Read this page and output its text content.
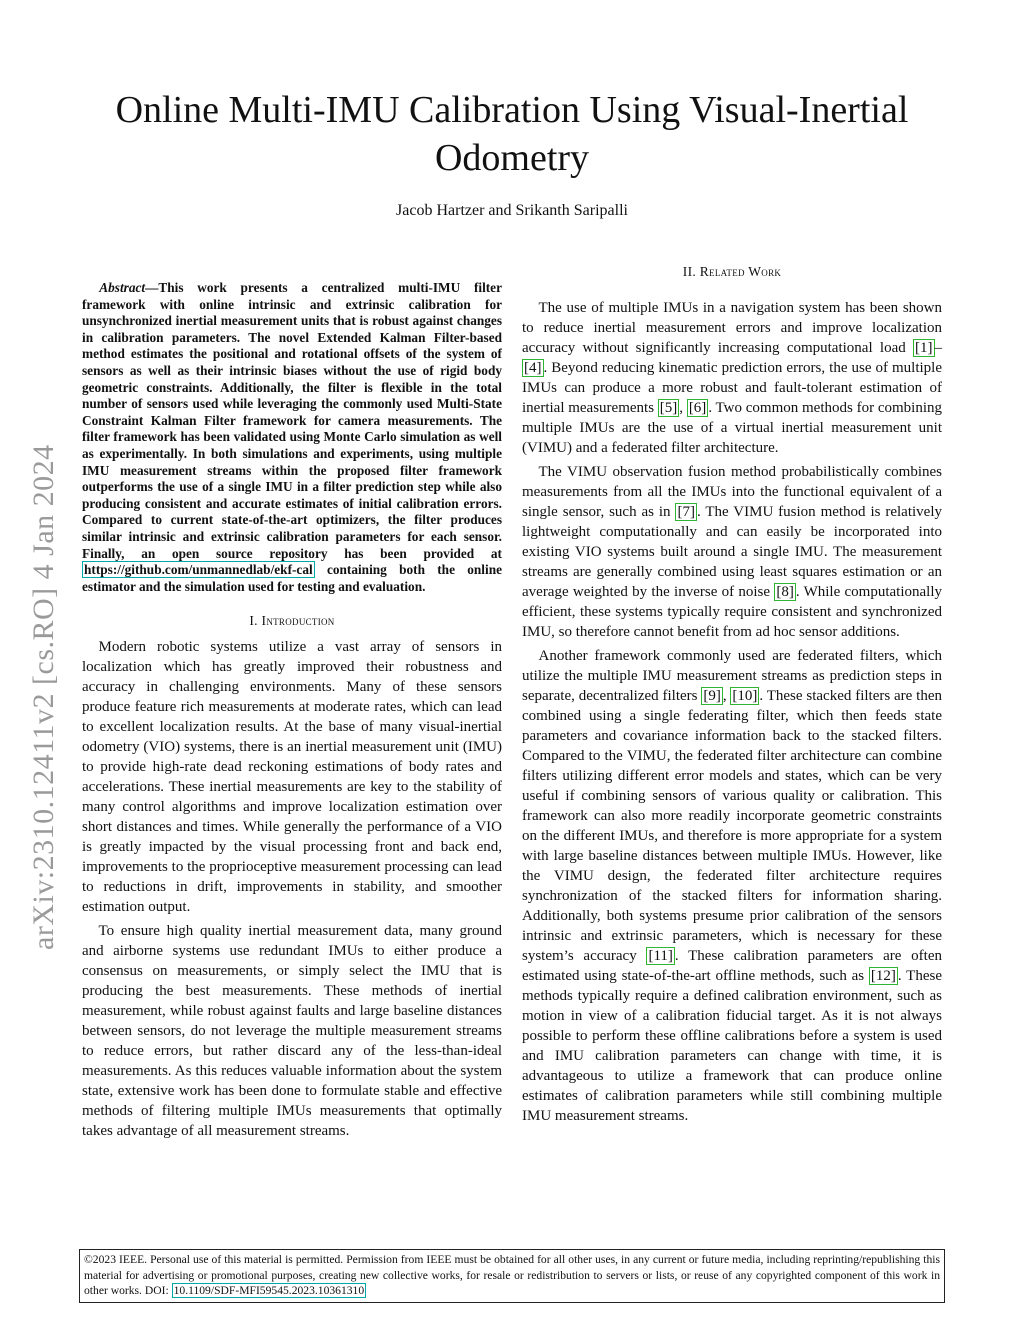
arXiv:2310.12411v2 [cs.RO] 4 Jan 2024
Online Multi-IMU Calibration Using Visual-Inertial Odometry
Jacob Hartzer and Srikanth Saripalli

Abstract—This work presents a centralized multi-IMU filter framework with online intrinsic and extrinsic calibration for unsynchronized inertial measurement units that is robust against changes in calibration parameters. The novel Extended Kalman Filter-based method estimates the positional and rotational offsets of the system of sensors as well as their intrinsic biases without the use of rigid body geometric constraints. Additionally, the filter is flexible in the total number of sensors used while leveraging the commonly used Multi-State Constraint Kalman Filter framework for camera measurements. The filter framework has been validated using Monte Carlo simulation as well as experimentally. In both simulations and experiments, using multiple IMU measurement streams within the proposed filter framework outperforms the use of a single IMU in a filter prediction step while also producing consistent and accurate estimates of initial calibration errors. Compared to current state-of-the-art optimizers, the filter produces similar intrinsic and extrinsic calibration parameters for each sensor. Finally, an open source repository has been provided at https://github.com/unmannedlab/ekf-cal containing both the online estimator and the simulation used for testing and evaluation.

I. Introduction

Modern robotic systems utilize a vast array of sensors in localization which has greatly improved their robustness and accuracy in challenging environments. Many of these sensors produce feature rich measurements at moderate rates, which can lead to excellent localization results. At the base of many visual-inertial odometry (VIO) systems, there is an inertial measurement unit (IMU) to provide high-rate dead reckoning estimations of body rates and accelerations. These inertial measurements are key to the stability of many control algorithms and improve localization estimation over short distances and times. While generally the performance of a VIO is greatly impacted by the visual processing front and back end, improvements to the proprioceptive measurement processing can lead to reductions in drift, improvements in stability, and smoother estimation output.

To ensure high quality inertial measurement data, many ground and airborne systems use redundant IMUs to either produce a consensus on measurements, or simply select the IMU that is producing the best measurements. These methods of inertial measurement, while robust against faults and large baseline distances between sensors, do not leverage the multiple measurement streams to reduce errors, but rather discard any of the less-than-ideal measurements. As this reduces valuable information about the system state, extensive work has been done to formulate stable and effective methods of filtering multiple IMUs measurements that optimally takes advantage of all measurement streams.

II. Related Work

The use of multiple IMUs in a navigation system has been shown to reduce inertial measurement errors and improve localization accuracy without significantly increasing computational load [1] –[4] . Beyond reducing kinematic prediction errors, the use of multiple IMUs can produce a more robust and fault-tolerant estimation of inertial measurements [5] , [6] . Two common methods for combining multiple IMUs are the use of a virtual inertial measurement unit (VIMU) and a federated filter architecture.

The VIMU observation fusion method probabilistically combines measurements from all the IMUs into the functional equivalent of a single sensor, such as in [7] . The VIMU fusion method is relatively lightweight computationally and can easily be incorporated into existing VIO systems built around a single IMU. The measurement streams are generally combined using least squares estimation or an average weighted by the inverse of noise [8] . While computationally efficient, these systems typically require consistent and synchronized IMU, so therefore cannot benefit from ad hoc sensor additions.

Another framework commonly used are federated filters, which utilize the multiple IMU measurement streams as prediction steps in separate, decentralized filters [9] , [10] . These stacked filters are then combined using a single federating filter, which then feeds state parameters and covariance information back to the stacked filters. Compared to the VIMU, the federated filter architecture can combine filters utilizing different error models and states, which can be very useful if combining sensors of various quality or calibration. This framework can also more readily incorporate geometric constraints on the different IMUs, and therefore is more appropriate for a system with large baseline distances between multiple IMUs. However, like the VIMU design, the federated filter architecture requires synchronization of the stacked filters for information sharing. Additionally, both systems presume prior calibration of the sensors intrinsic and extrinsic parameters, which is necessary for these system’s accuracy [11] . These calibration parameters are often estimated using state-of-the-art offline methods, such as [12] . These methods typically require a defined calibration environment, such as motion in view of a calibration fiducial target. As it is not always possible to perform these offline calibrations before a system is used and IMU calibration parameters can change with time, it is advantageous to utilize a framework that can produce online estimates of calibration parameters while still combining multiple IMU measurement streams.

©2023 IEEE. Personal use of this material is permitted. Permission from IEEE must be obtained for all other uses, in any current or future media, including reprinting/republishing this material for advertising or promotional purposes, creating new collective works, for resale or redistribution to servers or lists, or reuse of any copyrighted component of this work in other works. DOI: 10.1109/SDF-MFI59545.2023.10361310
